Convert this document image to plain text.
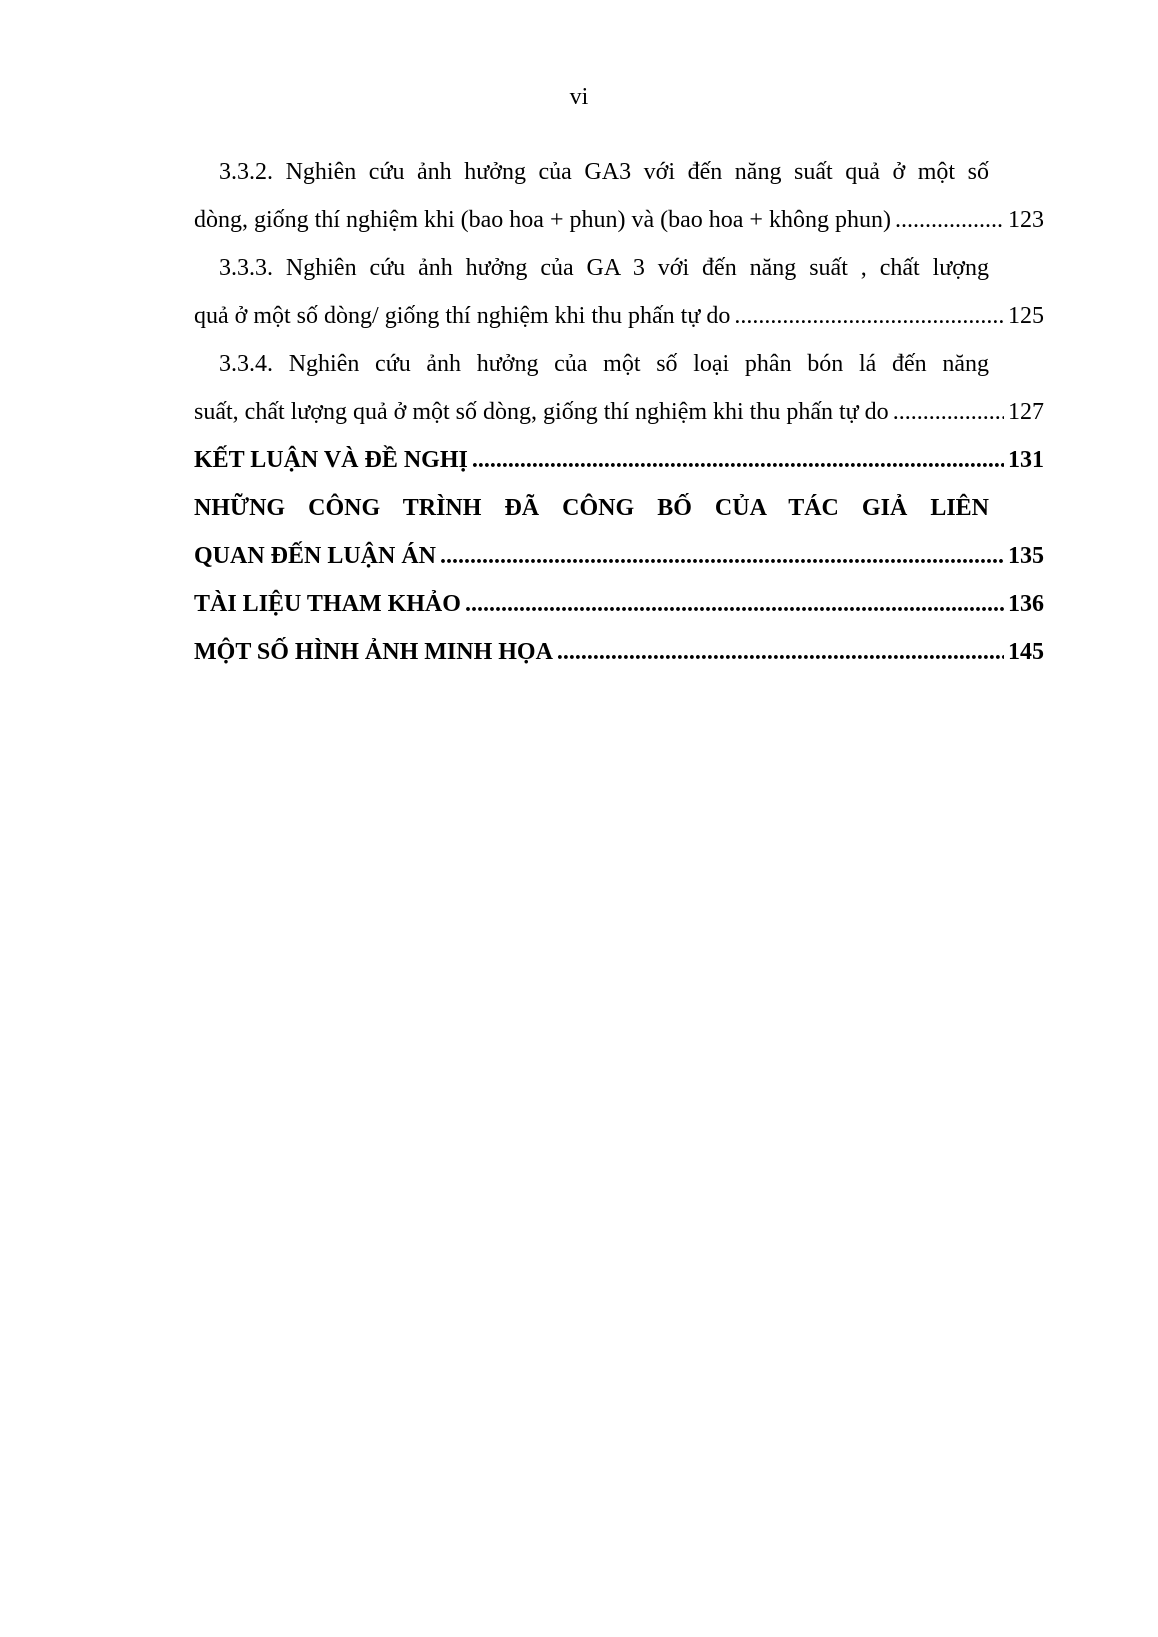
vi
3.3.2. Nghiên cứu ảnh hưởng của GA3 với đến năng suất quả ở một số
dòng, giống thí nghiệm khi (bao hoa + phun) và (bao hoa + không phun) .....	123
3.3.3. Nghiên cứu ảnh hưởng của GA 3 với đến năng suất , chất lượng
quả ở một số dòng/ giống thí nghiệm khi thu phấn tự do .....	125
3.3.4. Nghiên cứu ảnh hưởng của một số loại phân bón lá đến năng
suất, chất lượng quả ở một số dòng, giống thí nghiệm khi thu phấn tự do .....	127
KẾT LUẬN VÀ ĐỀ NGHỊ .....	131
NHỮNG CÔNG TRÌNH ĐÃ CÔNG BỐ CỦA TÁC GIẢ LIÊN
QUAN ĐẾN LUẬN ÁN .....	135
TÀI LIỆU THAM KHẢO .....	136
MỘT SỐ HÌNH ẢNH MINH HỌA .....	145
